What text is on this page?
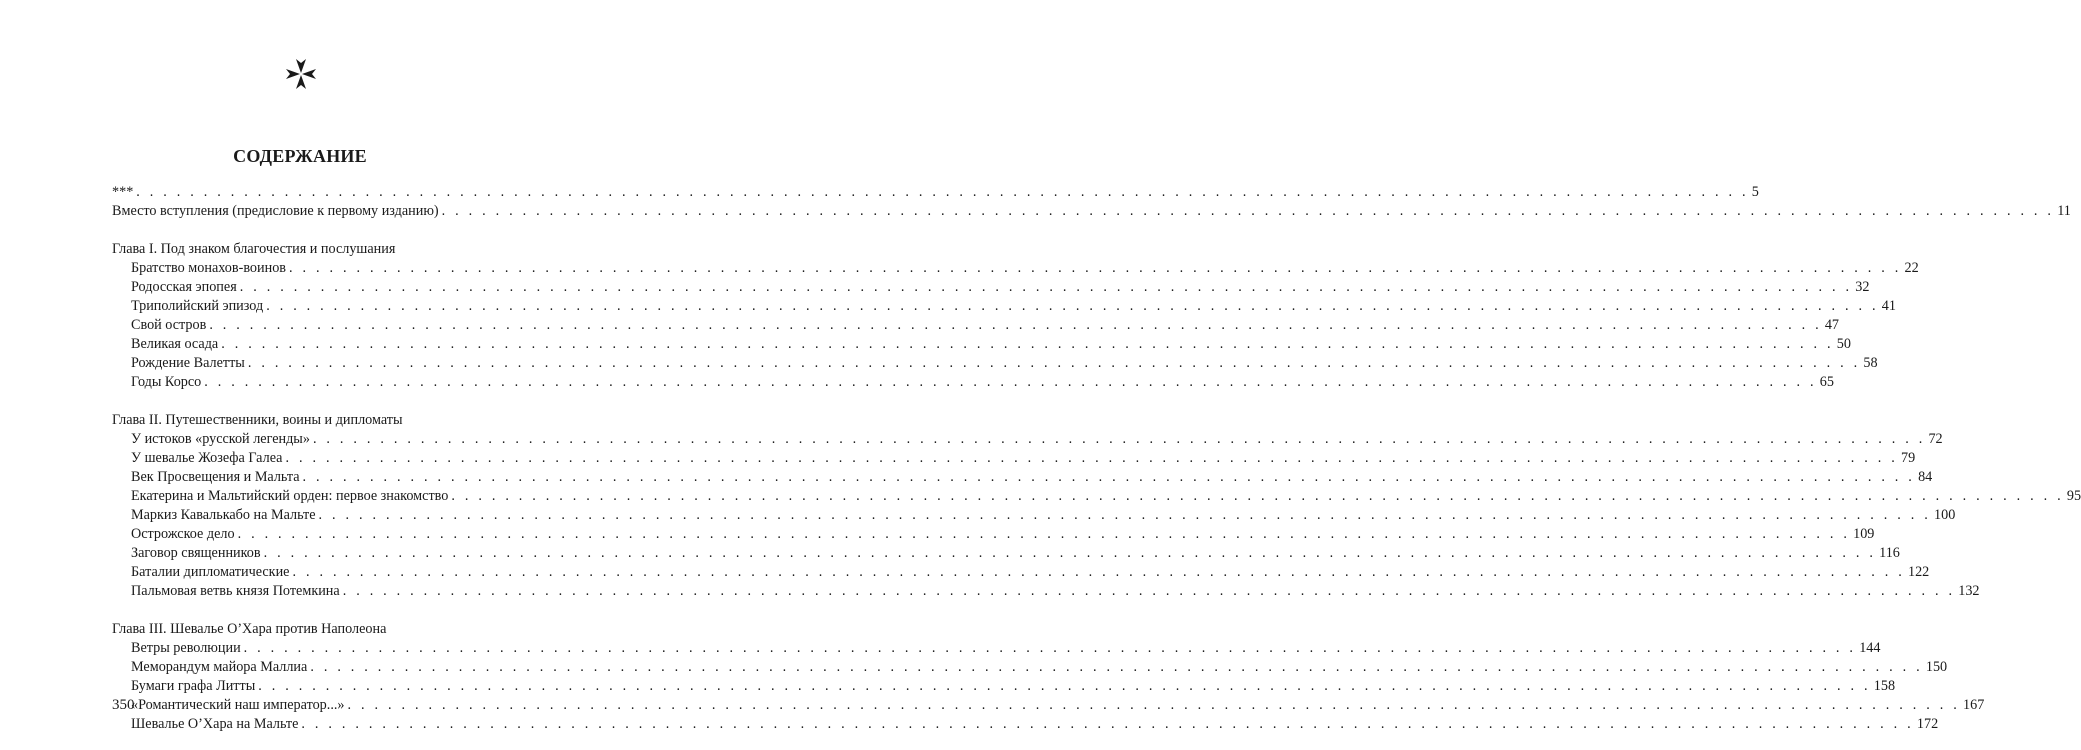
СОДЕРЖАНИЕ
*** . . . . . . . . . . . . . . . . . . . . . . . . . . . . . . . . . . . . . . . . . . . . . . . . . . . . . . . . . . . . . . . . . . . . . . . . . . . . . . . . . . . . . . . . . . . . . . . . . . . . . . . . . . . . . . . . . . . . . . . . 5
Вместо вступления (предисловие к первому изданию) . . . . . . . . . . . . . . . . . . . . . . . . . . . . . . . . . . . . . . . . . . . . . . . . . . . . . . . . . . . . . . . . . . . . . . . . . . . . . . . . . . . . . . . . . . . . . . . . . . . . . . . . . . . . . . . . . . . . . . . . 11
Глава I. Под знаком благочестия и послушания
Братство монахов-воинов . . . . . . . . . . . . . . . . . . . . . . . . . . . . . . . . . . . . . . . . . . . . . . . . . . . . . . . . . . . . . . . . . . . . . . . . . . . . . . . . . . . . . . . . . . . . . . . . . . . . . . . . . . . . . . . . . . . . . . . . 22
Родосская эпопея . . . . . . . . . . . . . . . . . . . . . . . . . . . . . . . . . . . . . . . . . . . . . . . . . . . . . . . . . . . . . . . . . . . . . . . . . . . . . . . . . . . . . . . . . . . . . . . . . . . . . . . . . . . . . . . . . . . . . . . . 32
Триполийский эпизод . . . . . . . . . . . . . . . . . . . . . . . . . . . . . . . . . . . . . . . . . . . . . . . . . . . . . . . . . . . . . . . . . . . . . . . . . . . . . . . . . . . . . . . . . . . . . . . . . . . . . . . . . . . . . . . . . . . . . . . . 41
Свой остров . . . . . . . . . . . . . . . . . . . . . . . . . . . . . . . . . . . . . . . . . . . . . . . . . . . . . . . . . . . . . . . . . . . . . . . . . . . . . . . . . . . . . . . . . . . . . . . . . . . . . . . . . . . . . . . . . . . . . . . . 47
Великая осада . . . . . . . . . . . . . . . . . . . . . . . . . . . . . . . . . . . . . . . . . . . . . . . . . . . . . . . . . . . . . . . . . . . . . . . . . . . . . . . . . . . . . . . . . . . . . . . . . . . . . . . . . . . . . . . . . . . . . . . . 50
Рождение Валетты . . . . . . . . . . . . . . . . . . . . . . . . . . . . . . . . . . . . . . . . . . . . . . . . . . . . . . . . . . . . . . . . . . . . . . . . . . . . . . . . . . . . . . . . . . . . . . . . . . . . . . . . . . . . . . . . . . . . . . . . 58
Годы Корсо . . . . . . . . . . . . . . . . . . . . . . . . . . . . . . . . . . . . . . . . . . . . . . . . . . . . . . . . . . . . . . . . . . . . . . . . . . . . . . . . . . . . . . . . . . . . . . . . . . . . . . . . . . . . . . . . . . . . . . . . 65
Глава II. Путешественники, воины и дипломаты
У истоков «русской легенды» . . . . . . . . . . . . . . . . . . . . . . . . . . . . . . . . . . . . . . . . . . . . . . . . . . . . . . . . . . . . . . . . . . . . . . . . . . . . . . . . . . . . . . . . . . . . . . . . . . . . . . . . . . . . . . . . . . . . . . . . 72
У шевалье Жозефа Галеа . . . . . . . . . . . . . . . . . . . . . . . . . . . . . . . . . . . . . . . . . . . . . . . . . . . . . . . . . . . . . . . . . . . . . . . . . . . . . . . . . . . . . . . . . . . . . . . . . . . . . . . . . . . . . . . . . . . . . . . . 79
Век Просвещения и Мальта . . . . . . . . . . . . . . . . . . . . . . . . . . . . . . . . . . . . . . . . . . . . . . . . . . . . . . . . . . . . . . . . . . . . . . . . . . . . . . . . . . . . . . . . . . . . . . . . . . . . . . . . . . . . . . . . . . . . . . . . 84
Екатерина и Мальтийский орден: первое знакомство . . . . . . . . . . . . . . . . . . . . . . . . . . . . . . . . . . . . . . . . . . . . . . . . . . . . . . . . . . . . . . . . . . . . . . . . . . . . . . . . . . . . . . . . . . . . . . . . . . . . . . . . . . . . . . . . . . . . . . . . 95
Маркиз Кавалькабо на Мальте . . . . . . . . . . . . . . . . . . . . . . . . . . . . . . . . . . . . . . . . . . . . . . . . . . . . . . . . . . . . . . . . . . . . . . . . . . . . . . . . . . . . . . . . . . . . . . . . . . . . . . . . . . . . . . . . . . . . . . . . 100
Острожское дело . . . . . . . . . . . . . . . . . . . . . . . . . . . . . . . . . . . . . . . . . . . . . . . . . . . . . . . . . . . . . . . . . . . . . . . . . . . . . . . . . . . . . . . . . . . . . . . . . . . . . . . . . . . . . . . . . . . . . . . . 109
Заговор священников . . . . . . . . . . . . . . . . . . . . . . . . . . . . . . . . . . . . . . . . . . . . . . . . . . . . . . . . . . . . . . . . . . . . . . . . . . . . . . . . . . . . . . . . . . . . . . . . . . . . . . . . . . . . . . . . . . . . . . . . 116
Баталии дипломатические . . . . . . . . . . . . . . . . . . . . . . . . . . . . . . . . . . . . . . . . . . . . . . . . . . . . . . . . . . . . . . . . . . . . . . . . . . . . . . . . . . . . . . . . . . . . . . . . . . . . . . . . . . . . . . . . . . . . . . . . 122
Пальмовая ветвь князя Потемкина . . . . . . . . . . . . . . . . . . . . . . . . . . . . . . . . . . . . . . . . . . . . . . . . . . . . . . . . . . . . . . . . . . . . . . . . . . . . . . . . . . . . . . . . . . . . . . . . . . . . . . . . . . . . . . . . . . . . . . . . 132
Глава III. Шевалье О’Хара против Наполеона
Ветры революции . . . . . . . . . . . . . . . . . . . . . . . . . . . . . . . . . . . . . . . . . . . . . . . . . . . . . . . . . . . . . . . . . . . . . . . . . . . . . . . . . . . . . . . . . . . . . . . . . . . . . . . . . . . . . . . . . . . . . . . . 144
Меморандум майора Маллиа . . . . . . . . . . . . . . . . . . . . . . . . . . . . . . . . . . . . . . . . . . . . . . . . . . . . . . . . . . . . . . . . . . . . . . . . . . . . . . . . . . . . . . . . . . . . . . . . . . . . . . . . . . . . . . . . . . . . . . . . 150
Бумаги графа Литты . . . . . . . . . . . . . . . . . . . . . . . . . . . . . . . . . . . . . . . . . . . . . . . . . . . . . . . . . . . . . . . . . . . . . . . . . . . . . . . . . . . . . . . . . . . . . . . . . . . . . . . . . . . . . . . . . . . . . . . . 158
«Романтический наш император...» . . . . . . . . . . . . . . . . . . . . . . . . . . . . . . . . . . . . . . . . . . . . . . . . . . . . . . . . . . . . . . . . . . . . . . . . . . . . . . . . . . . . . . . . . . . . . . . . . . . . . . . . . . . . . . . . . . . . . . . . 167
Шевалье О’Хара на Мальте . . . . . . . . . . . . . . . . . . . . . . . . . . . . . . . . . . . . . . . . . . . . . . . . . . . . . . . . . . . . . . . . . . . . . . . . . . . . . . . . . . . . . . . . . . . . . . . . . . . . . . . . . . . . . . . . . . . . . . . . 172
350
